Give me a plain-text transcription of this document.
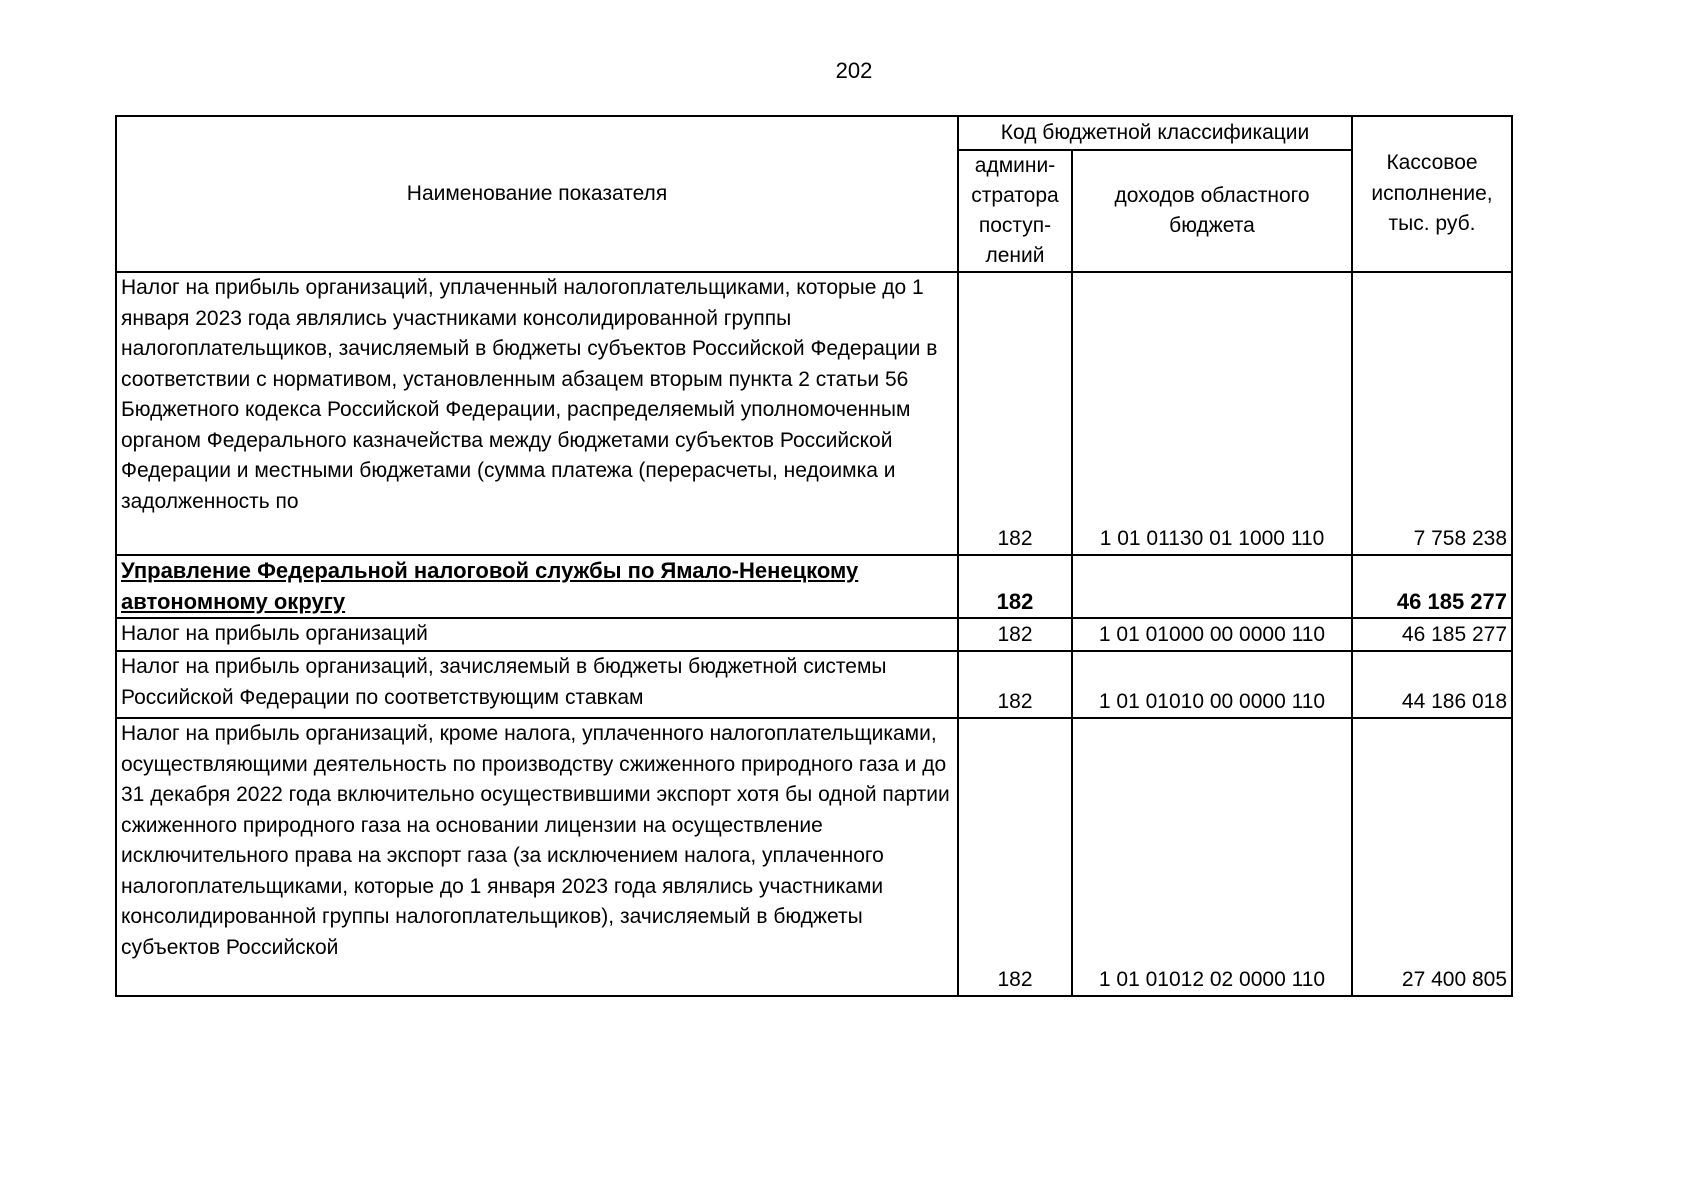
202
Наименование показателя	Код бюджетной классификации		Кассовое исполнение, тыс. руб.
	админи- стратора поступ- лений	доходов областного бюджета	
Налог на прибыль организаций, уплаченный налогоплательщиками, которые до 1 января 2023 года являлись участниками консолидированной группы налогоплательщиков, зачисляемый в бюджеты субъектов Российской Федерации в соответствии с нормативом, установленным абзацем вторым пункта 2 статьи 56 Бюджетного кодекса Российской Федерации, распределяемый уполномоченным органом Федерального казначейства между бюджетами субъектов Российской Федерации и местными бюджетами (сумма платежа (перерасчеты, недоимка и задолженность по	182	1 01 01130 01 1000 110	7 758 238
Управление Федеральной налоговой службы по Ямало-Ненецкому автономному округу	182		46 185 277
Налог на прибыль организаций	182	1 01 01000 00 0000 110	46 185 277
Налог на прибыль организаций, зачисляемый в бюджеты бюджетной системы Российской Федерации по соответствующим ставкам	182	1 01 01010 00 0000 110	44 186 018
Налог на прибыль организаций, кроме налога, уплаченного налогоплательщиками, осуществляющими деятельность по производству сжиженного природного газа и до 31 декабря 2022 года включительно осуществившими экспорт хотя бы одной партии сжиженного природного газа на основании лицензии на осуществление исключительного права на экспорт газа (за исключением налога, уплаченного налогоплательщиками, которые до 1 января 2023 года являлись участниками консолидированной группы налогоплательщиков), зачисляемый в бюджеты субъектов Российской	182	1 01 01012 02 0000 110	27 400 805
